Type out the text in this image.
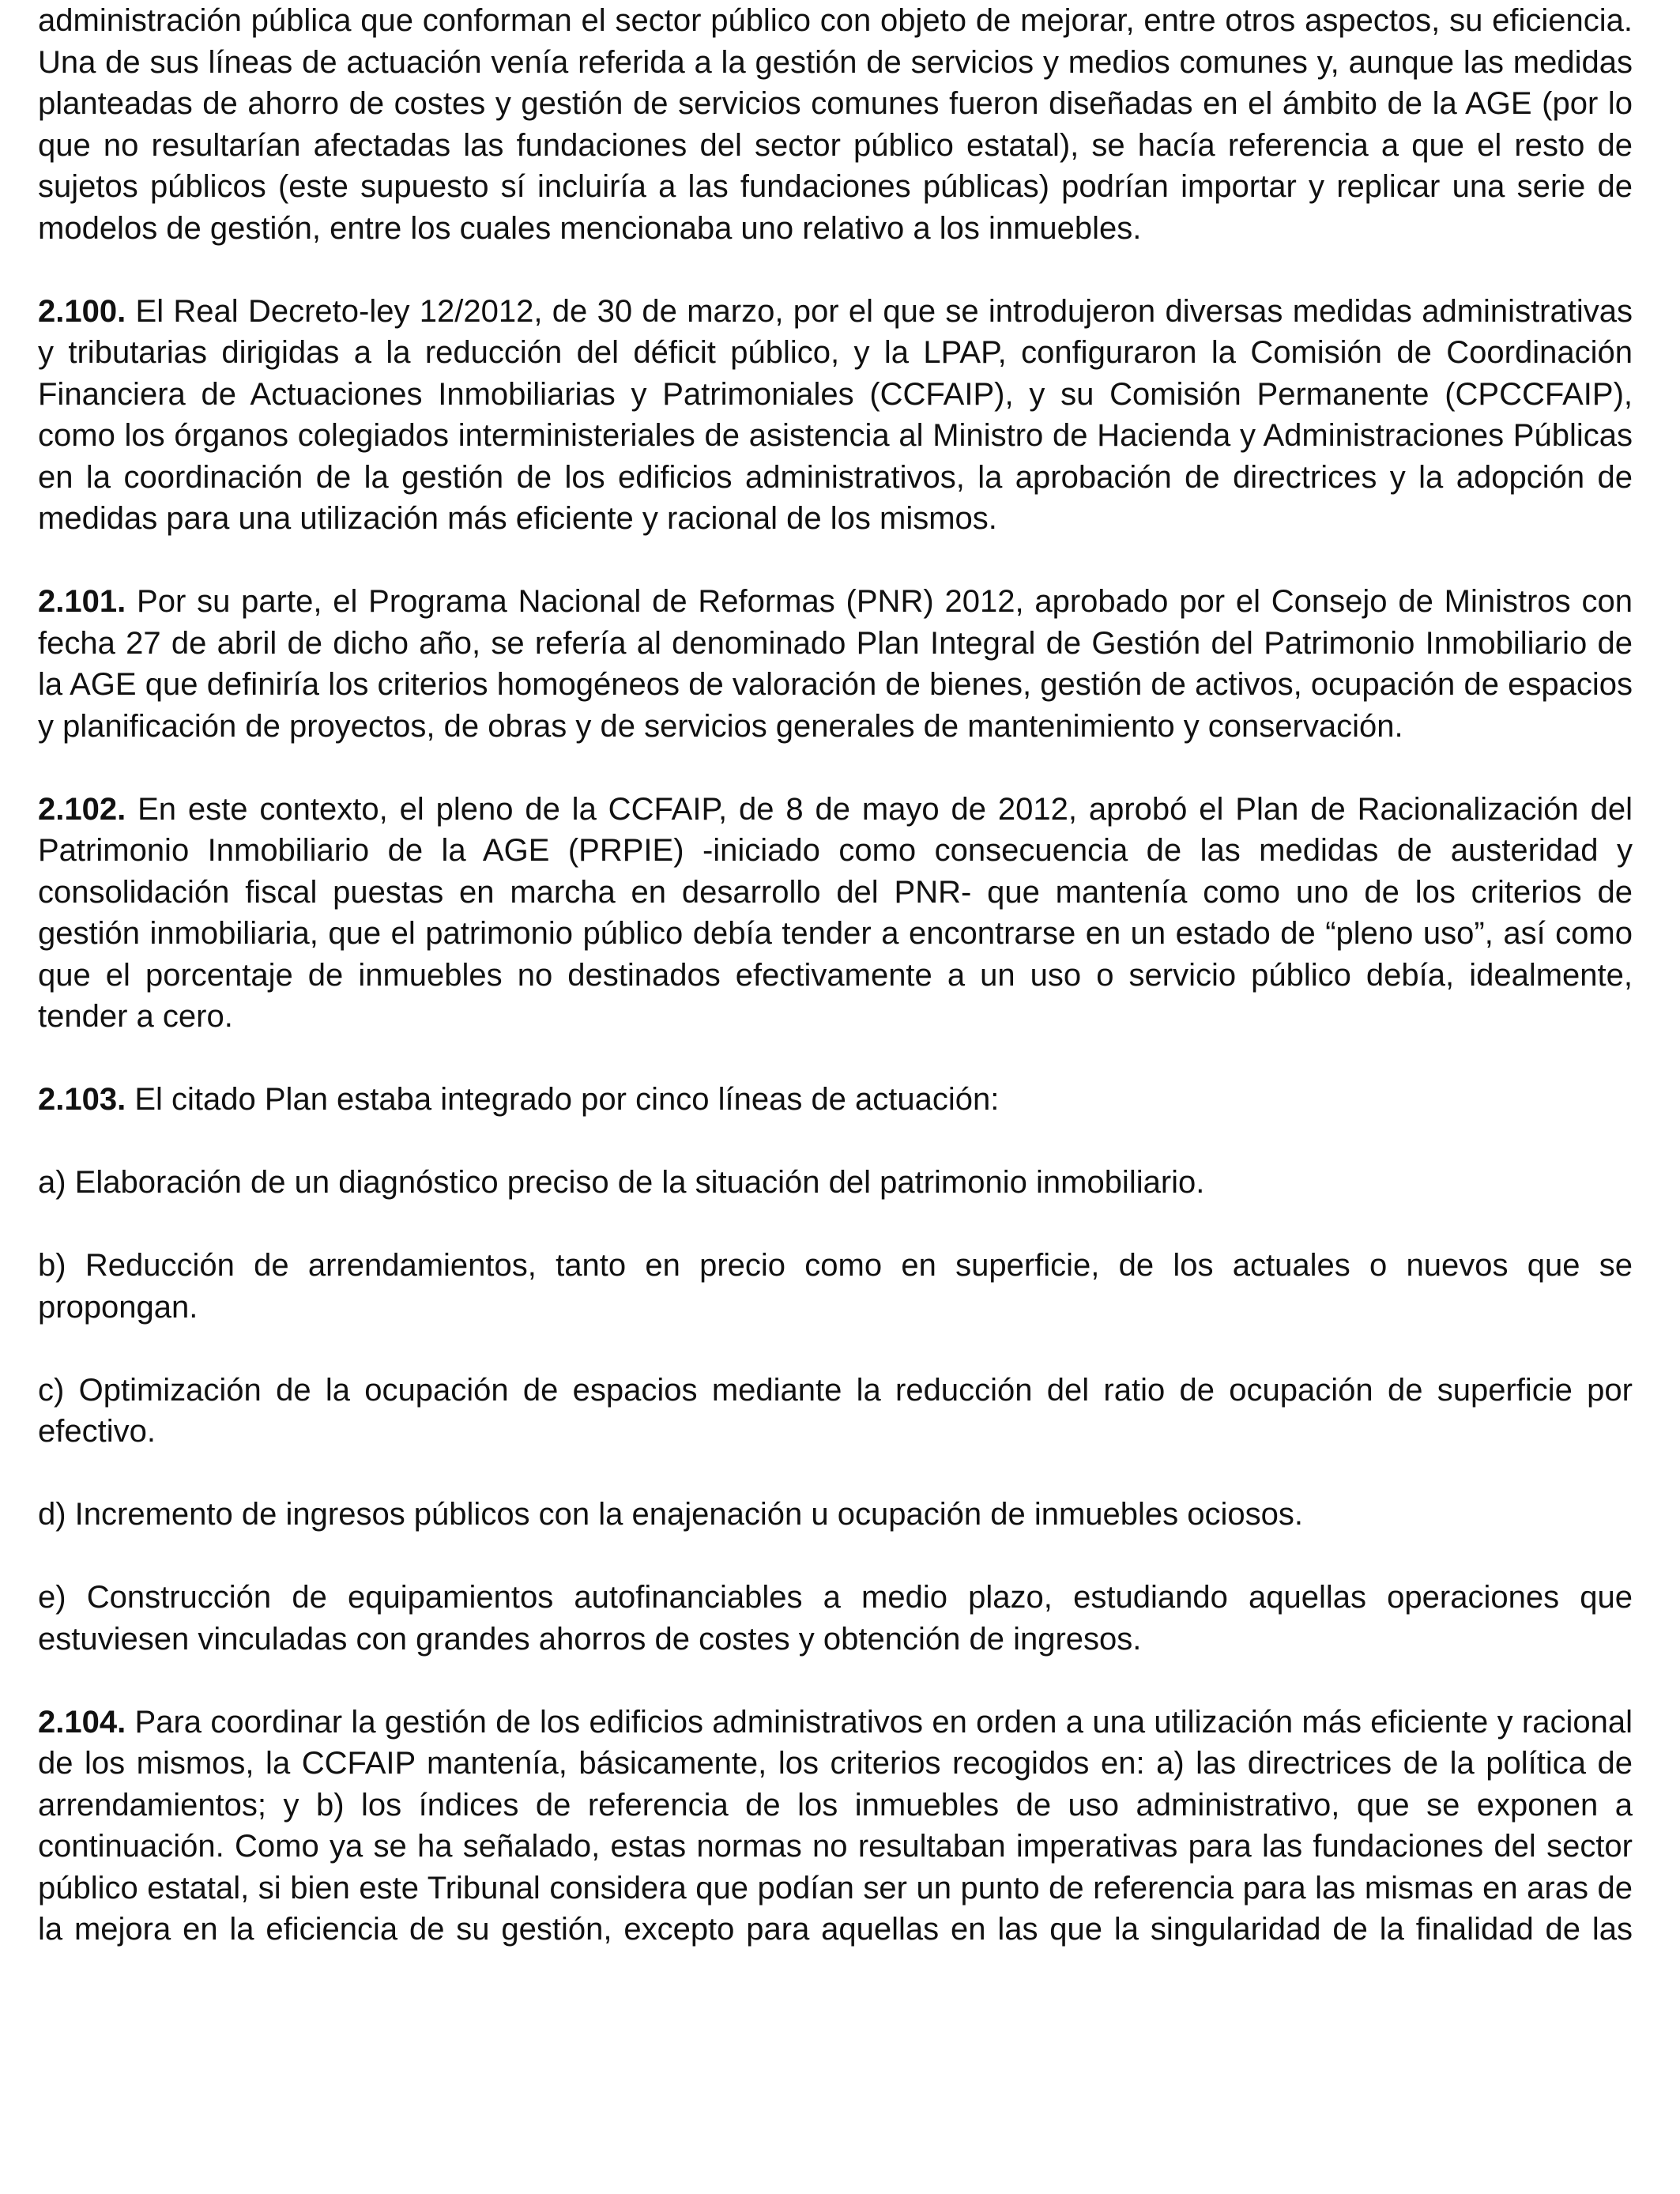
administración pública que conforman el sector público con objeto de mejorar, entre otros aspectos, su eficiencia. Una de sus líneas de actuación venía referida a la gestión de servicios y medios comunes y, aunque las medidas planteadas de ahorro de costes y gestión de servicios comunes fueron diseñadas en el ámbito de la AGE (por lo que no resultarían afectadas las fundaciones del sector público estatal), se hacía referencia a que el resto de sujetos públicos (este supuesto sí incluiría a las fundaciones públicas) podrían importar y replicar una serie de modelos de gestión, entre los cuales mencionaba uno relativo a los inmuebles.

2.100. El Real Decreto-ley 12/2012, de 30 de marzo, por el que se introdujeron diversas medidas administrativas y tributarias dirigidas a la reducción del déficit público, y la LPAP, configuraron la Comisión de Coordinación Financiera de Actuaciones Inmobiliarias y Patrimoniales (CCFAIP), y su Comisión Permanente (CPCCFAIP), como los órganos colegiados interministeriales de asistencia al Ministro de Hacienda y Administraciones Públicas en la coordinación de la gestión de los edificios administrativos, la aprobación de directrices y la adopción de medidas para una utilización más eficiente y racional de los mismos.

2.101. Por su parte, el Programa Nacional de Reformas (PNR) 2012, aprobado por el Consejo de Ministros con fecha 27 de abril de dicho año, se refería al denominado Plan Integral de Gestión del Patrimonio Inmobiliario de la AGE que definiría los criterios homogéneos de valoración de bienes, gestión de activos, ocupación de espacios y planificación de proyectos, de obras y de servicios generales de mantenimiento y conservación.

2.102. En este contexto, el pleno de la CCFAIP, de 8 de mayo de 2012, aprobó el Plan de Racionalización del Patrimonio Inmobiliario de la AGE (PRPIE) -iniciado como consecuencia de las medidas de austeridad y consolidación fiscal puestas en marcha en desarrollo del PNR- que mantenía como uno de los criterios de gestión inmobiliaria, que el patrimonio público debía tender a encontrarse en un estado de “pleno uso”, así como que el porcentaje de inmuebles no destinados efectivamente a un uso o servicio público debía, idealmente, tender a cero.

2.103. El citado Plan estaba integrado por cinco líneas de actuación:

a) Elaboración de un diagnóstico preciso de la situación del patrimonio inmobiliario.

b) Reducción de arrendamientos, tanto en precio como en superficie, de los actuales o nuevos que se propongan.

c) Optimización de la ocupación de espacios mediante la reducción del ratio de ocupación de superficie por efectivo.

d) Incremento de ingresos públicos con la enajenación u ocupación de inmuebles ociosos.

e) Construcción de equipamientos autofinanciables a medio plazo, estudiando aquellas operaciones que estuviesen vinculadas con grandes ahorros de costes y obtención de ingresos.

2.104. Para coordinar la gestión de los edificios administrativos en orden a una utilización más eficiente y racional de los mismos, la CCFAIP mantenía, básicamente, los criterios recogidos en: a) las directrices de la política de arrendamientos; y b) los índices de referencia de los inmuebles de uso administrativo, que se exponen a continuación. Como ya se ha señalado, estas normas no resultaban imperativas para las fundaciones del sector público estatal, si bien este Tribunal considera que podían ser un punto de referencia para las mismas en aras de la mejora en la eficiencia de su gestión, excepto para aquellas en las que la singularidad de la finalidad de las
